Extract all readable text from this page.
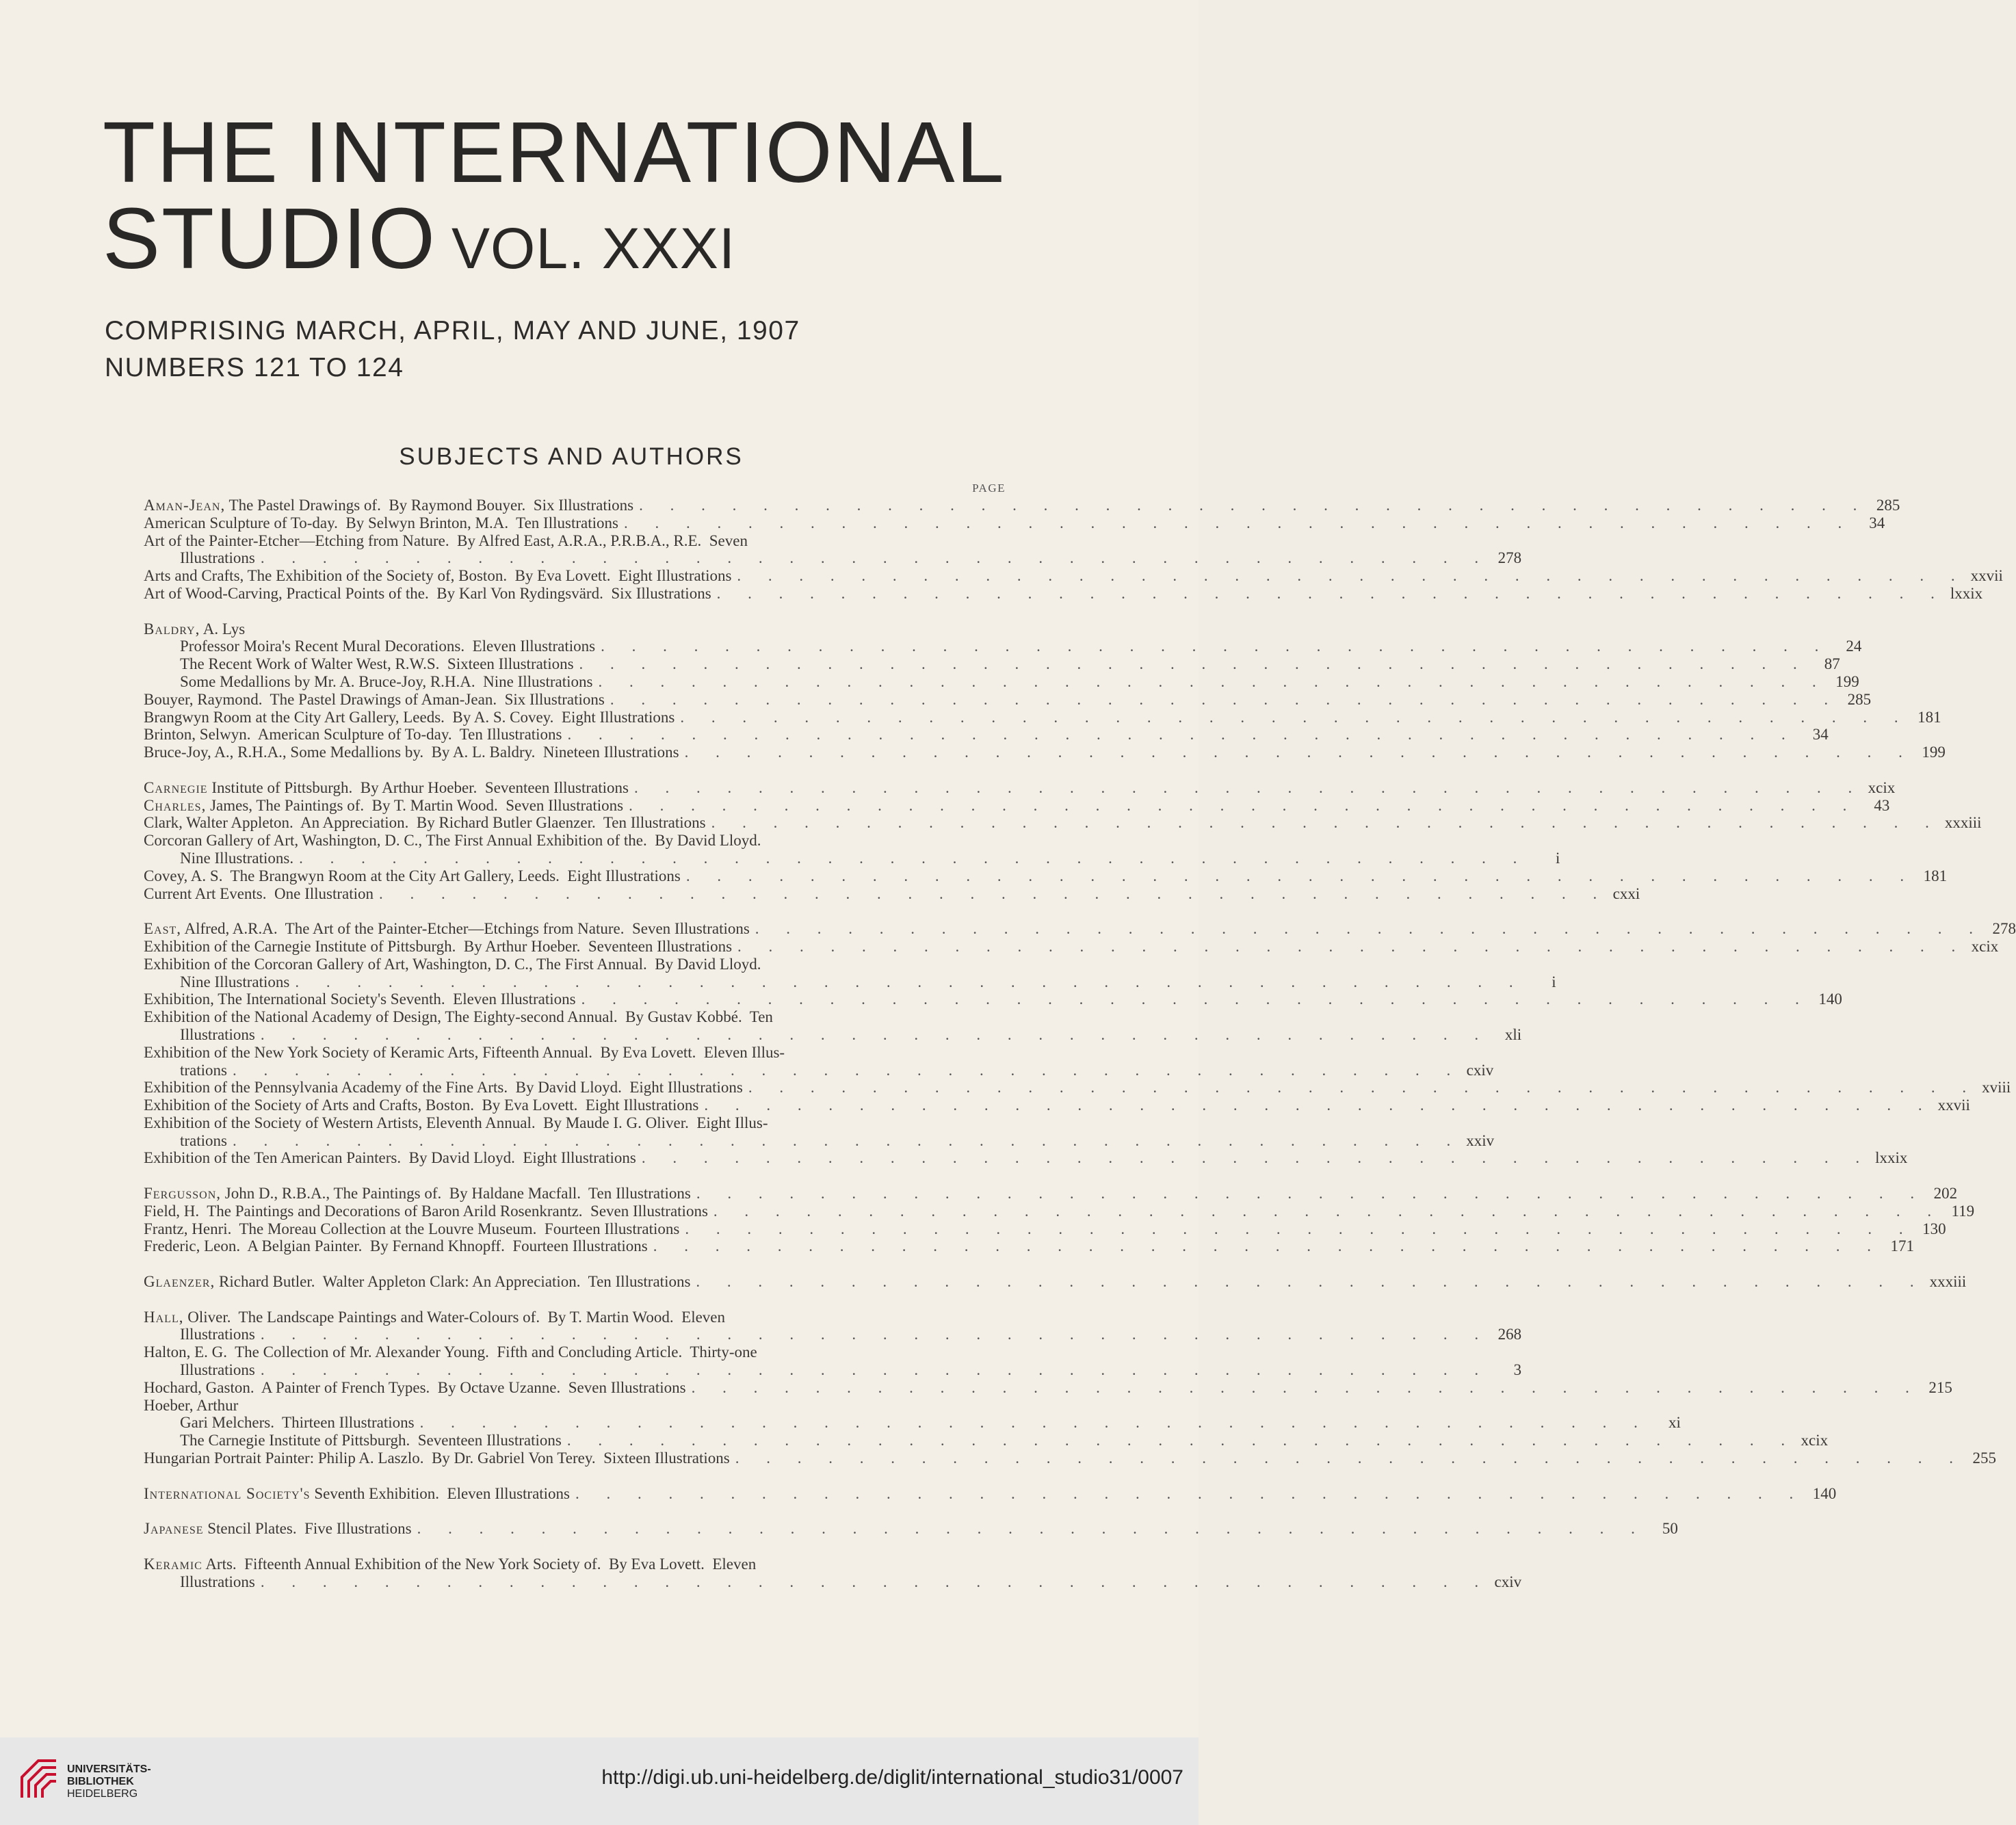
THE INTERNATIONAL
STUDIO VOL. XXXI
COMPRISING MARCH, APRIL, MAY AND JUNE, 1907
NUMBERS 121 TO 124
SUBJECTS AND AUTHORS
PAGE
Aman-Jean, The Pastel Drawings of.  By Raymond Bouyer.  Six Illustrations . . . . . . . . . . . . . . . . . . . . . . . . . . . . . . . . . . . . . . . . 285
American Sculpture of To-day.  By Selwyn Brinton, M.A.  Ten Illustrations . . . . . . . . . . . . . . . . . . . . . . . . . . . . . . . . . . . . . . . .	34
Art of the Painter-Etcher—Etching from Nature.  By Alfred East, A.R.A., P.R.B.A., R.E.  Seven
Illustrations . . . . . . . . . . . . . . . . . . . . . . . . . . . . . . . . . . . . . . . . 278
Arts and Crafts, The Exhibition of the Society of, Boston.  By Eva Lovett.  Eight Illustrations . . . . . . . . . . . . . . . . . . . . . . . . . . . . . . . . . . . . . . . . xxvii
Art of Wood-Carving, Practical Points of the.  By Karl Von Rydingsvärd.  Six Illustrations . . . . . . . . . . . . . . . . . . . . . . . . . . . . . . . . . . . . . . . . lxxix
Baldry, A. Lys
Professor Moira's Recent Mural Decorations.  Eleven Illustrations . . . . . . . . . . . . . . . . . . . . . . . . . . . . . . . . . . . . . . . .	24
The Recent Work of Walter West, R.W.S.  Sixteen Illustrations . . . . . . . . . . . . . . . . . . . . . . . . . . . . . . . . . . . . . . . .	87
Some Medallions by Mr. A. Bruce-Joy, R.H.A.  Nine Illustrations . . . . . . . . . . . . . . . . . . . . . . . . . . . . . . . . . . . . . . . . 199
Bouyer, Raymond.  The Pastel Drawings of Aman-Jean.  Six Illustrations . . . . . . . . . . . . . . . . . . . . . . . . . . . . . . . . . . . . . . . . 285
Brangwyn Room at the City Art Gallery, Leeds.  By A. S. Covey.  Eight Illustrations . . . . . . . . . . . . . . . . . . . . . . . . . . . . . . . . . . . . . . . . 181
Brinton, Selwyn.  American Sculpture of To-day.  Ten Illustrations . . . . . . . . . . . . . . . . . . . . . . . . . . . . . . . . . . . . . . . .	34
Bruce-Joy, A., R.H.A., Some Medallions by.  By A. L. Baldry.  Nineteen Illustrations . . . . . . . . . . . . . . . . . . . . . . . . . . . . . . . . . . . . . . . . 199
Carnegie Institute of Pittsburgh.  By Arthur Hoeber.  Seventeen Illustrations . . . . . . . . . . . . . . . . . . . . . . . . . . . . . . . . . . . . . . . . xcix
Charles, James, The Paintings of.  By T. Martin Wood.  Seven Illustrations . . . . . . . . . . . . . . . . . . . . . . . . . . . . . . . . . . . . . . . .	43
Clark, Walter Appleton.  An Appreciation.  By Richard Butler Glaenzer.  Ten Illustrations . . . . . . . . . . . . . . . . . . . . . . . . . . . . . . . . . . . . . . . . xxxiii
Corcoran Gallery of Art, Washington, D. C., The First Annual Exhibition of the.  By David Lloyd.
Nine Illustrations. . . . . . . . . . . . . . . . . . . . . . . . . . . . . . . . . . . . . . . . .	i
Covey, A. S.  The Brangwyn Room at the City Art Gallery, Leeds.  Eight Illustrations . . . . . . . . . . . . . . . . . . . . . . . . . . . . . . . . . . . . . . . . 181
Current Art Events.  One Illustration . . . . . . . . . . . . . . . . . . . . . . . . . . . . . . . . . . . . . . . . cxxi
East, Alfred, A.R.A.  The Art of the Painter-Etcher—Etchings from Nature.  Seven Illustrations . . . . . . . . . . . . . . . . . . . . . . . . . . . . . . . . . . . . . . . . 278
Exhibition of the Carnegie Institute of Pittsburgh.  By Arthur Hoeber.  Seventeen Illustrations . . . . . . . . . . . . . . . . . . . . . . . . . . . . . . . . . . . . . . . . xcix
Exhibition of the Corcoran Gallery of Art, Washington, D. C., The First Annual.  By David Lloyd.
Nine Illustrations . . . . . . . . . . . . . . . . . . . . . . . . . . . . . . . . . . . . . . . .	i
Exhibition, The International Society's Seventh.  Eleven Illustrations . . . . . . . . . . . . . . . . . . . . . . . . . . . . . . . . . . . . . . . . 140
Exhibition of the National Academy of Design, The Eighty-second Annual.  By Gustav Kobbé.  Ten
Illustrations . . . . . . . . . . . . . . . . . . . . . . . . . . . . . . . . . . . . . . . . xli
Exhibition of the New York Society of Keramic Arts, Fifteenth Annual.  By Eva Lovett.  Eleven Illus-
trations . . . . . . . . . . . . . . . . . . . . . . . . . . . . . . . . . . . . . . . . cxiv
Exhibition of the Pennsylvania Academy of the Fine Arts.  By David Lloyd.  Eight Illustrations . . . . . . . . . . . . . . . . . . . . . . . . . . . . . . . . . . . . . . . . xviii
Exhibition of the Society of Arts and Crafts, Boston.  By Eva Lovett.  Eight Illustrations . . . . . . . . . . . . . . . . . . . . . . . . . . . . . . . . . . . . . . . . xxvii
Exhibition of the Society of Western Artists, Eleventh Annual.  By Maude I. G. Oliver.  Eight Illus-
trations . . . . . . . . . . . . . . . . . . . . . . . . . . . . . . . . . . . . . . . . xxiv
Exhibition of the Ten American Painters.  By David Lloyd.  Eight Illustrations . . . . . . . . . . . . . . . . . . . . . . . . . . . . . . . . . . . . . . . . lxxix
Fergusson, John D., R.B.A., The Paintings of.  By Haldane Macfall.  Ten Illustrations . . . . . . . . . . . . . . . . . . . . . . . . . . . . . . . . . . . . . . . . 202
Field, H.  The Paintings and Decorations of Baron Arild Rosenkrantz.  Seven Illustrations . . . . . . . . . . . . . . . . . . . . . . . . . . . . . . . . . . . . . . . . 119
Frantz, Henri.  The Moreau Collection at the Louvre Museum.  Fourteen Illustrations . . . . . . . . . . . . . . . . . . . . . . . . . . . . . . . . . . . . . . . . 130
Frederic, Leon.  A Belgian Painter.  By Fernand Khnopff.  Fourteen Illustrations . . . . . . . . . . . . . . . . . . . . . . . . . . . . . . . . . . . . . . . . 171
Glaenzer, Richard Butler.  Walter Appleton Clark: An Appreciation.  Ten Illustrations . . . . . . . . . . . . . . . . . . . . . . . . . . . . . . . . . . . . . . . . xxxiii
Hall, Oliver.  The Landscape Paintings and Water-Colours of.  By T. Martin Wood.  Eleven
Illustrations . . . . . . . . . . . . . . . . . . . . . . . . . . . . . . . . . . . . . . . . 268
Halton, E. G.  The Collection of Mr. Alexander Young.  Fifth and Concluding Article.  Thirty-one
Illustrations . . . . . . . . . . . . . . . . . . . . . . . . . . . . . . . . . . . . . . . .	3
Hochard, Gaston.  A Painter of French Types.  By Octave Uzanne.  Seven Illustrations . . . . . . . . . . . . . . . . . . . . . . . . . . . . . . . . . . . . . . . . 215
Hoeber, Arthur
Gari Melchers.  Thirteen Illustrations . . . . . . . . . . . . . . . . . . . . . . . . . . . . . . . . . . . . . . . .	xi
The Carnegie Institute of Pittsburgh.  Seventeen Illustrations . . . . . . . . . . . . . . . . . . . . . . . . . . . . . . . . . . . . . . . . xcix
Hungarian Portrait Painter: Philip A. Laszlo.  By Dr. Gabriel Von Terey.  Sixteen Illustrations . . . . . . . . . . . . . . . . . . . . . . . . . . . . . . . . . . . . . . . . 255
International Society's Seventh Exhibition.  Eleven Illustrations . . . . . . . . . . . . . . . . . . . . . . . . . . . . . . . . . . . . . . . . 140
Japanese Stencil Plates.  Five Illustrations . . . . . . . . . . . . . . . . . . . . . . . . . . . . . . . . . . . . . . . .	50
Keramic Arts.  Fifteenth Annual Exhibition of the New York Society of.  By Eva Lovett.  Eleven
Illustrations . . . . . . . . . . . . . . . . . . . . . . . . . . . . . . . . . . . . . . . . cxiv
UNIVERSITÄTS-
BIBLIOTHEK
HEIDELBERG
http://digi.ub.uni-heidelberg.de/diglit/international_studio31/0007
